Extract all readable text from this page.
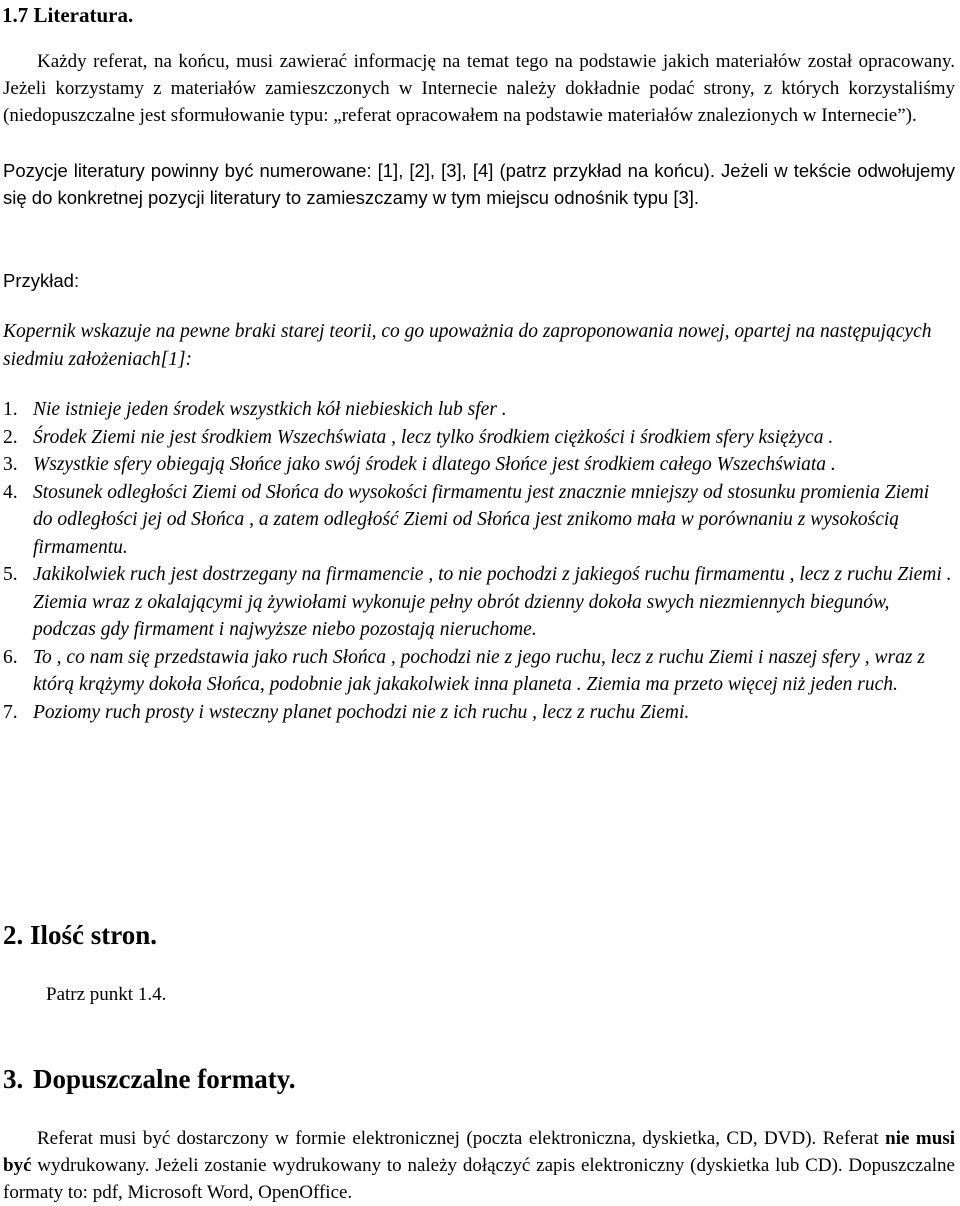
1.7 Literatura.

Każdy referat, na końcu, musi zawierać informację na temat tego na podstawie jakich materiałów został opracowany. Jeżeli korzystamy z materiałów zamieszczonych w Internecie należy dokładnie podać strony, z których korzystaliśmy (niedopuszczalne jest sformułowanie typu: „referat opracowałem na podstawie materiałów znalezionych w Internecie”).

Pozycje literatury powinny być numerowane: [1], [2], [3], [4] (patrz przykład na końcu). Jeżeli w tekście odwołujemy się do konkretnej pozycji literatury to zamieszczamy w tym miejscu odnośnik typu [3].

Przykład:

Kopernik wskazuje na pewne braki starej teorii, co go upoważnia do zaproponowania nowej, opartej na następujących siedmiu założeniach[1]:

1. Nie istnieje jeden środek wszystkich kół niebieskich lub sfer .
2. Środek Ziemi nie jest środkiem Wszechświata , lecz tylko środkiem ciężkości i środkiem sfery księżyca .
3. Wszystkie sfery obiegają Słońce jako swój środek i dlatego Słońce jest środkiem całego Wszechświata .
4. Stosunek odległości Ziemi od Słońca do wysokości firmamentu jest znacznie mniejszy od stosunku promienia Ziemi do odległości jej od Słońca , a zatem odległość Ziemi od Słońca jest znikomo mała w porównaniu z wysokością firmamentu.
5. Jakikolwiek ruch jest dostrzegany na firmamencie , to nie pochodzi z jakiegoś ruchu firmamentu , lecz z ruchu Ziemi . Ziemia wraz z okalającymi ją żywiołami wykonuje pełny obrót dzienny dokoła swych niezmiennych biegunów, podczas gdy firmament i najwyższe niebo pozostają nieruchome.
6. To , co nam się przedstawia jako ruch Słońca , pochodzi nie z jego ruchu, lecz z ruchu Ziemi i naszej sfery , wraz z którą krążymy dokoła Słońca, podobnie jak jakakolwiek inna planeta . Ziemia ma przeto więcej niż jeden ruch.
7. Poziomy ruch prosty i wsteczny planet pochodzi nie z ich ruchu , lecz z ruchu Ziemi.
2. Ilość stron.
Patrz punkt 1.4.
3. Dopuszczalne formaty.

Referat musi być dostarczony w formie elektronicznej (poczta elektroniczna, dyskietka, CD, DVD). Referat nie musi być wydrukowany. Jeżeli zostanie wydrukowany to należy dołączyć zapis elektroniczny (dyskietka lub CD). Dopuszczalne formaty to: pdf, Microsoft Word, OpenOffice.
